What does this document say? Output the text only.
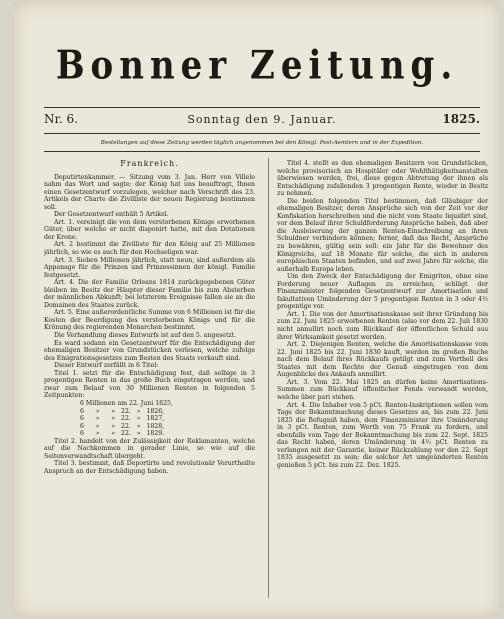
Bonner Zeitung.
Nr. 6.	Sonntag den 9. Januar.	1825.
Bestellungen auf diese Zeitung werden täglich angenommen bei den Königl. Post-Aemtern und in der Expedition.
Frankreich.

Deputirtenkammer. — Sitzung vom 3. Jan. Herr von Villele nahm das Wort und sagte: der König hat uns beauftragt, Ihnen einen Gesetzentwurf vorzulegen, welcher nach Vorschrift des 23. Artikels der Charte die Zivilliste der neuen Regierung bestimmen soll.

Der Gesetzentwurf enthält 5 Artikel.

Art. 1. vereinigt die von dem verstorbenen Könige erworbenen Güter, über welche er nicht disponirt hatte, mit den Dotationen der Krone.

Art. 2 bestimmt die Zivilliste für den König auf 25 Millionen jährlich, so wie es auch für den Hochseligen war.

Art. 3. Sieben Millionen jährlich, statt neun, sind außerdem als Appanage für die Prinzen und Prinzessinnen der königl. Familie festgesetzt.

Art. 4. Die der Familie Orleans 1814 zurückgegebenen Güter bleiben im Besitz der Häupter dieser Familie bis zum Absterben der männlichen Abkunft; bei letzterem Ereignisse fallen sie an die Domainen des Staates zurück.

Art. 5. Eine außerordentliche Summe von 6 Millionen ist für die Kosten der Beerdigung des verstorbenen Königs und für die Krönung des regierenden Monarchen bestimmt.

Die Verhandlung dieses Entwurfs ist auf den 5. angesetzt.

Es ward sodann ein Gesetzentwurf für die Entschädigung der ehemaligen Besitzer von Grundstücken verlesen, welche zufolge des Emigrationsgesetzes zum Besten des Staats verkauft sind.

Dieser Entwurf zerfällt in 6 Titel:

Titel 1. setzt für die Entschädigung fest, daß selbige in 3 progentigen Renten in das große Buch eingetragen werden, und zwar zum Belauf von 30 Millionen Renten in folgenden 5 Zeitpunkten:

6 Millionen am 22. Juni 1825,
6      »      »   22.   »   1826,
6      »      »   22.   »   1827,
6      »      »   22.   »   1828,
6      »      »   22.   »   1829.

Titel 2. handelt von der Zulässigkeit der Reklamanten, welche auf die Nachkommen in gerader Linie, so wie auf die Seitenverwandtschaft übergeht.

Titel 3. bestimmt, daß Deportirte und revolutionär Verurtheilte Anspruch an der Entschädigung haben.

Titel 4. stellt es den ehemaligen Besitzern von Grundstücken, welche provisorisch an Hospitäler oder Wohlthätigkeitsanstalten überwiesen werden, frei, diese gegen Abtretung der ihnen als Entschädigung zufallenden 3 progentigen Rente, wieder in Besitz zu nehmen.

Die beiden folgenden Titel bestimmen, daß Gläubiger der ehemaligen Besitzer, deren Ansprüche sich von der Zeit vor der Konfiskation herschreiben und die nicht vom Staate liquidirt sind, vor dem Belauf ihrer Schuldforderung Ansprüche haben, daß aber die Ausleiserung der ganzen Renten-Einschreibung an ihren Schuldner verbindern können; ferner, daß das Recht, Ansprüche zu bewähren, gültig sein soll: ein Jahr für die Bewohner des Königreichs, auf 18 Monate für solche, die sich in anderen europäischen Staaten befinden, und auf zwei Jahre für solche, die außerhalb Europa leben.

Um den Zweck der Entschädigung der Emigriten, ohne eine Forderung neuer Auflagen zu erreichen, schlägt der Finanzminister folgenden Gesetzentwurf zur Amortisation und fakultativen Umänderung der 5 progentigen Renten in 3 oder 4½ progentige vor.

Art. 1. Die von der Amortisationskasse seit ihrer Gründung bis zum 22. Juni 1825 erworbenen Renten (also vor dem 22. Juli 1830 nicht annullirt noch zum Rückkauf der öffentlichen Schuld aus ihrer Wirksamkeit gesetzt werden.

Art. 2. Diejenigen Renten, welche die Amortisationskasse vom 22. Juni 1825 bis 22. Juni 1830 kauft, werden im großen Buche nach dem Belauf ihres Rückkaufs getilgt und zum Vortheil des Staates mit dem Rechte der Genuß eingetragen von dem Augenblicke des Ankaufs annullirt.

Art. 3. Vom 22. Mai 1825 an dürfen keine Amortisations-Summen zum Rückkauf öffentlicher Fonds verwandt werden, welche über pari stehen.

Art. 4. Die Inhaber von 5 pCt. Renten-Inskriptionen sollen vom Tage der Bekanntmachung dieses Gesetzes an, bis zum 22. Juni 1825 die Befugniß haben, dem Finanzminister ihre Umänderung in 3 pCt. Renten, zum Werth von 75 Frank zu fordern, und ebenfalls vom Tage der Bekanntmachung bis zum 22. Sept. 1825 das Recht haben, deren Umänderung in 4½ pCt. Renten zu verlangen mit der Garantie, keiner Rückzahlung vor den 22. Sept 1835 ausgesetzt zu sein; die solcher Art umgeänderten Renten genießen 5 pCt. bis zum 22. Dez. 1825.
